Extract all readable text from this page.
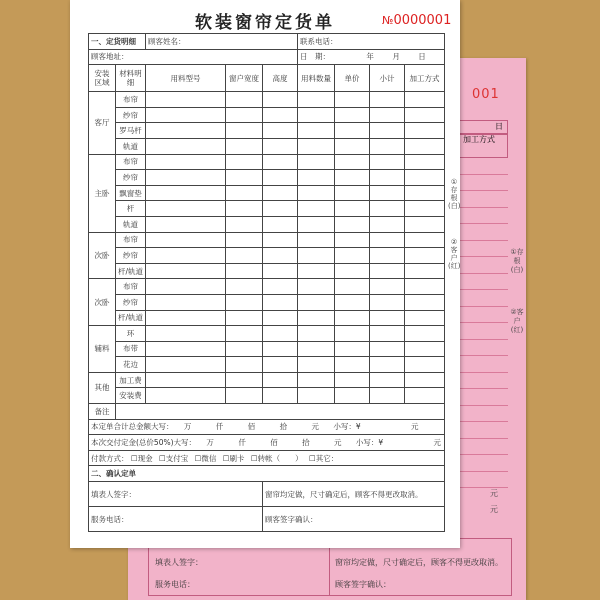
001
日
加工方式
①存根(白)
②客户(红)
元
元
填表人签字：
服务电话：
窗帘均定做，尺寸确定后，顾客不得更改取消。
顾客签字确认：
软装窗帘定货单	№0000001
一、定货明细		顾客姓名：			联系电话：			
顾客地址：					日　期： 年 月 日			
安装区域	材料明细	用料型号	窗户宽度	高度	用料数量	单价	小计	加工方式
客厅	布帘							
	纱帘							
	罗马杆							
	轨道							
主卧	布帘							
	纱帘							
	飘窗垫							
	杆							
	轨道							
次卧	布帘							
	纱帘							
	杆/轨道							
次卧	布帘							
	纱帘							
	杆/轨道							
辅料	环							
	布带							
	花边							
其他	加工费							
	安装费							
备注								
本定单合计总金额大写： 万 仟 佰 拾 元 小写：¥ 元								
本次交付定金(总价50%)大写： 万 仟 佰 拾 元 小写：¥ 元								
付款方式： ☐现金 ☐支付宝 ☐微信 ☐刷卡 ☐转帐（　　） ☐其它：								
二、确认定单								
填表人签字：				窗帘均定做，尺寸确定后，顾客不得更改取消。				
服务电话：				顾客签字确认：				
①存根(白)
②客户(红)
